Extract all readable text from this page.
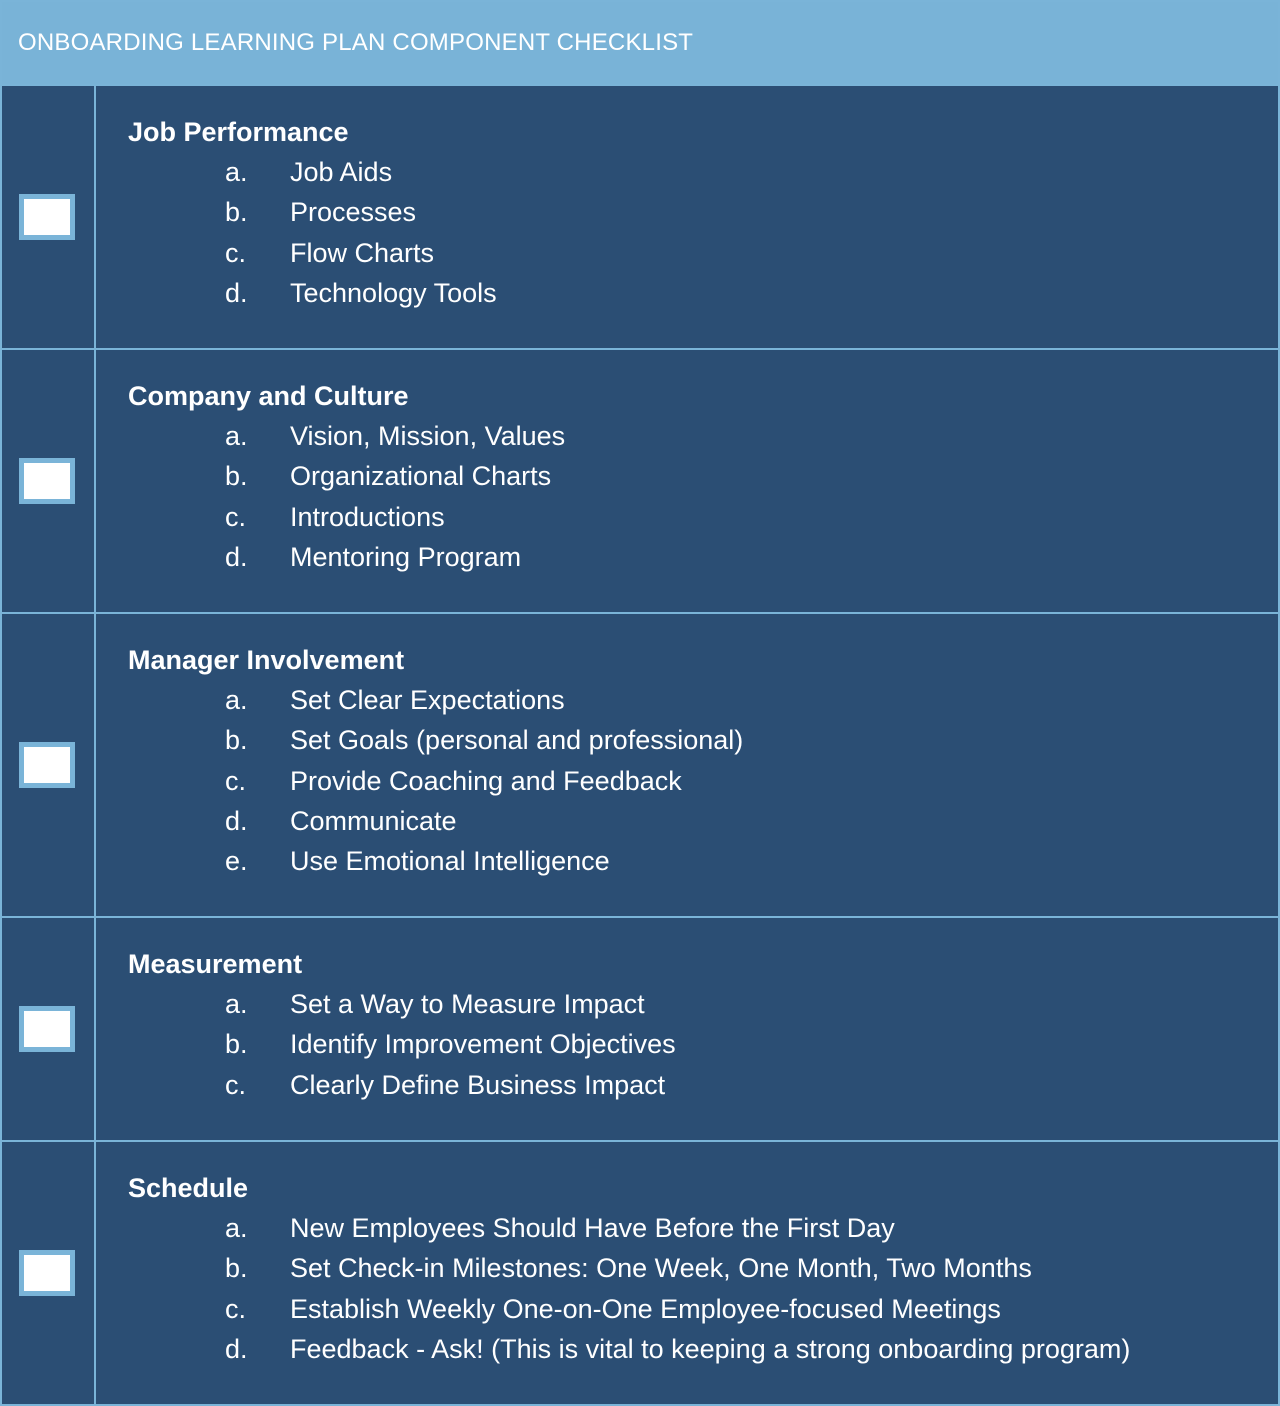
ONBOARDING LEARNING PLAN COMPONENT CHECKLIST
Job Performance
a. Job Aids
b. Processes
c. Flow Charts
d. Technology Tools
Company and Culture
a. Vision, Mission, Values
b. Organizational Charts
c. Introductions
d. Mentoring Program
Manager Involvement
a. Set Clear Expectations
b. Set Goals (personal and professional)
c. Provide Coaching and Feedback
d. Communicate
e. Use Emotional Intelligence
Measurement
a. Set a Way to Measure Impact
b. Identify Improvement Objectives
c. Clearly Define Business Impact
Schedule
a. New Employees Should Have Before the First Day
b. Set Check-in Milestones: One Week, One Month, Two Months
c. Establish Weekly One-on-One Employee-focused Meetings
d. Feedback - Ask! (This is vital to keeping a strong onboarding program)
